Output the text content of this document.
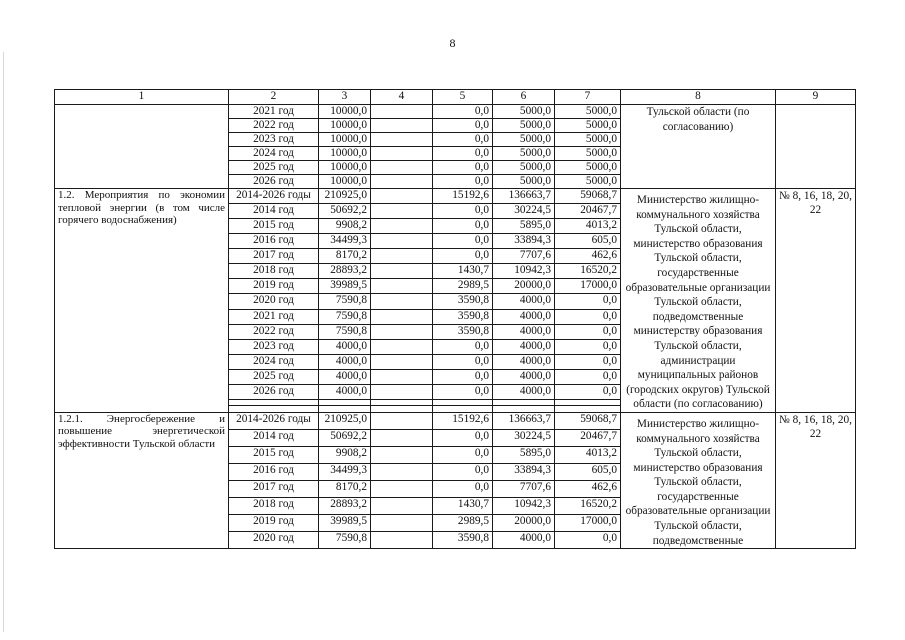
8
1	2	3	4	5	6	7	8	9
	2021 год	10000,0		0,0	5000,0	5000,0	Тульской области (по согласованию)	
	2022 год	10000,0		0,0	5000,0	5000,0		
	2023 год	10000,0		0,0	5000,0	5000,0		
	2024 год	10000,0		0,0	5000,0	5000,0		
	2025 год	10000,0		0,0	5000,0	5000,0		
	2026 год	10000,0		0,0	5000,0	5000,0		
1.2. Мероприятия по экономии тепловой энергии (в том числе горячего водоснабжения)	2014-2026 годы	210925,0		15192,6	136663,7	59068,7	Министерство жилищно-коммунального хозяйства Тульской области, министерство образования Тульской области, государственные образовательные организации Тульской области, подведомственные министерству образования Тульской области, администрации муниципальных районов (городских округов) Тульской области (по согласованию)	№ 8, 16, 18, 20, 22
	2014 год	50692,2		0,0	30224,5	20467,7		
	2015 год	9908,2		0,0	5895,0	4013,2		
	2016 год	34499,3		0,0	33894,3	605,0		
	2017 год	8170,2		0,0	7707,6	462,6		
	2018 год	28893,2		1430,7	10942,3	16520,2		
	2019 год	39989,5		2989,5	20000,0	17000,0		
	2020 год	7590,8		3590,8	4000,0	0,0		
	2021 год	7590,8		3590,8	4000,0	0,0		
	2022 год	7590,8		3590,8	4000,0	0,0		
	2023 год	4000,0		0,0	4000,0	0,0		
	2024 год	4000,0		0,0	4000,0	0,0		
	2025 год	4000,0		0,0	4000,0	0,0		
	2026 год	4000,0		0,0	4000,0	0,0		

1.2.1. Энергосбережение и повышение энергетической эффективности Тульской области	2014-2026 годы	210925,0		15192,6	136663,7	59068,7	Министерство жилищно-коммунального хозяйства Тульской области, министерство образования Тульской области, государственные образовательные организации Тульской области, подведомственные	№ 8, 16, 18, 20, 22
	2014 год	50692,2		0,0	30224,5	20467,7		
	2015 год	9908,2		0,0	5895,0	4013,2		
	2016 год	34499,3		0,0	33894,3	605,0		
	2017 год	8170,2		0,0	7707,6	462,6		
	2018 год	28893,2		1430,7	10942,3	16520,2		
	2019 год	39989,5		2989,5	20000,0	17000,0		
	2020 год	7590,8		3590,8	4000,0	0,0		
